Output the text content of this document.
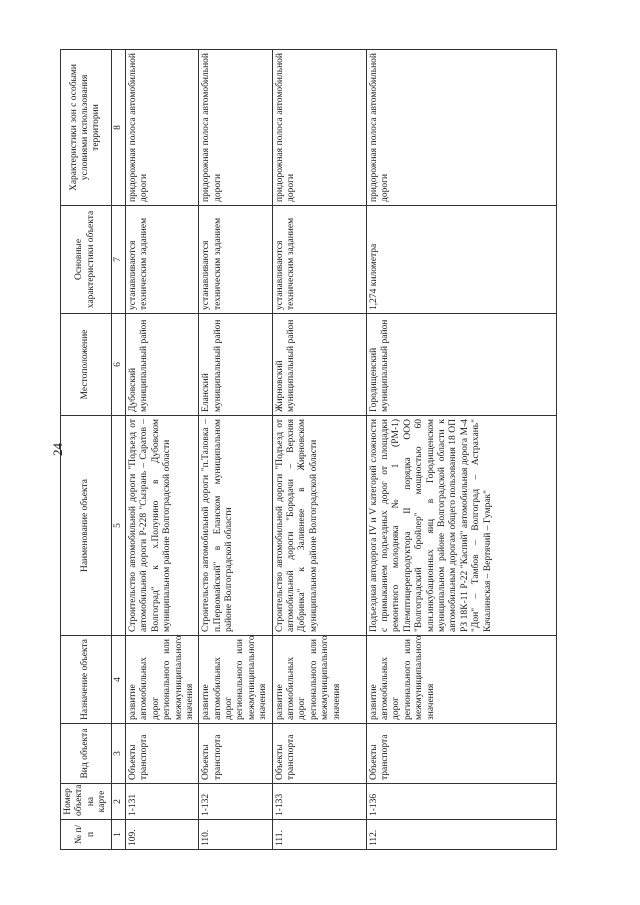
24
№ п/п	Номер объекта на карте	Вид объекта	Назначение объекта	Наименование объекта	Местоположение	Основные характеристики объекта	Характеристики зон с особыми условиями использования территории
1	2	3	4	5	6	7	8
109.	1-131	Объекты транспорта	развитие автомобильных дорог регионального или межмуниципального значения	Строительство автомобильной дороги "Подъезд от автомобильной дороги Р-228 "Сызрань – Саратов – Волгоград" к х.Полунино в Дубовском муниципальном районе Волгоградской области	Дубовский муниципальный район	устанавливаются техническим заданием	придорожная полоса автомобильной дороги
110.	1-132	Объекты транспорта	развитие автомобильных дорог регионального или межмуниципального значения	Строительство автомобильной дороги "п.Таловка – п.Первомайский" в Еланском муниципальном районе Волгоградской области	Еланский муниципальный район	устанавливаются техническим заданием	придорожная полоса автомобильной дороги
111.	1-133	Объекты транспорта	развитие автомобильных дорог регионального или межмуниципального значения	Строительство автомобильной дороги "Подъезд от автомобильной дороги "Бородачи – Верхняя Добринка" к Заливневе в Жирновском муниципальном районе Волгоградской области	Жирновский муниципальный район	устанавливаются техническим заданием	придорожная полоса автомобильной дороги
112.	1-136	Объекты транспорта	развитие автомобильных дорог регионального или межмуниципального значения	Подъездная автодорога IV и V категорий сложности с примыканием подъездных дорог от площадки ремонтного молодняка № 1 (РМ-1) Племптицерепродуктора II порядка ООО "Волгоградский бройлер" мощностью 60 млн.инкубационных яиц в Городищенском муниципальном районе Волгоградской области к автомобильным дорогам общего пользования 18 ОП РЗ 18К-11 Р-22 "Каспий" автомобильная дорога М-4 "Дон" – Тамбов – Волгоград – Астрахань" Качалинская – Вертячий – Гумрак"	Городищенский муниципальный район	1,274 километра	придорожная полоса автомобильной дороги
